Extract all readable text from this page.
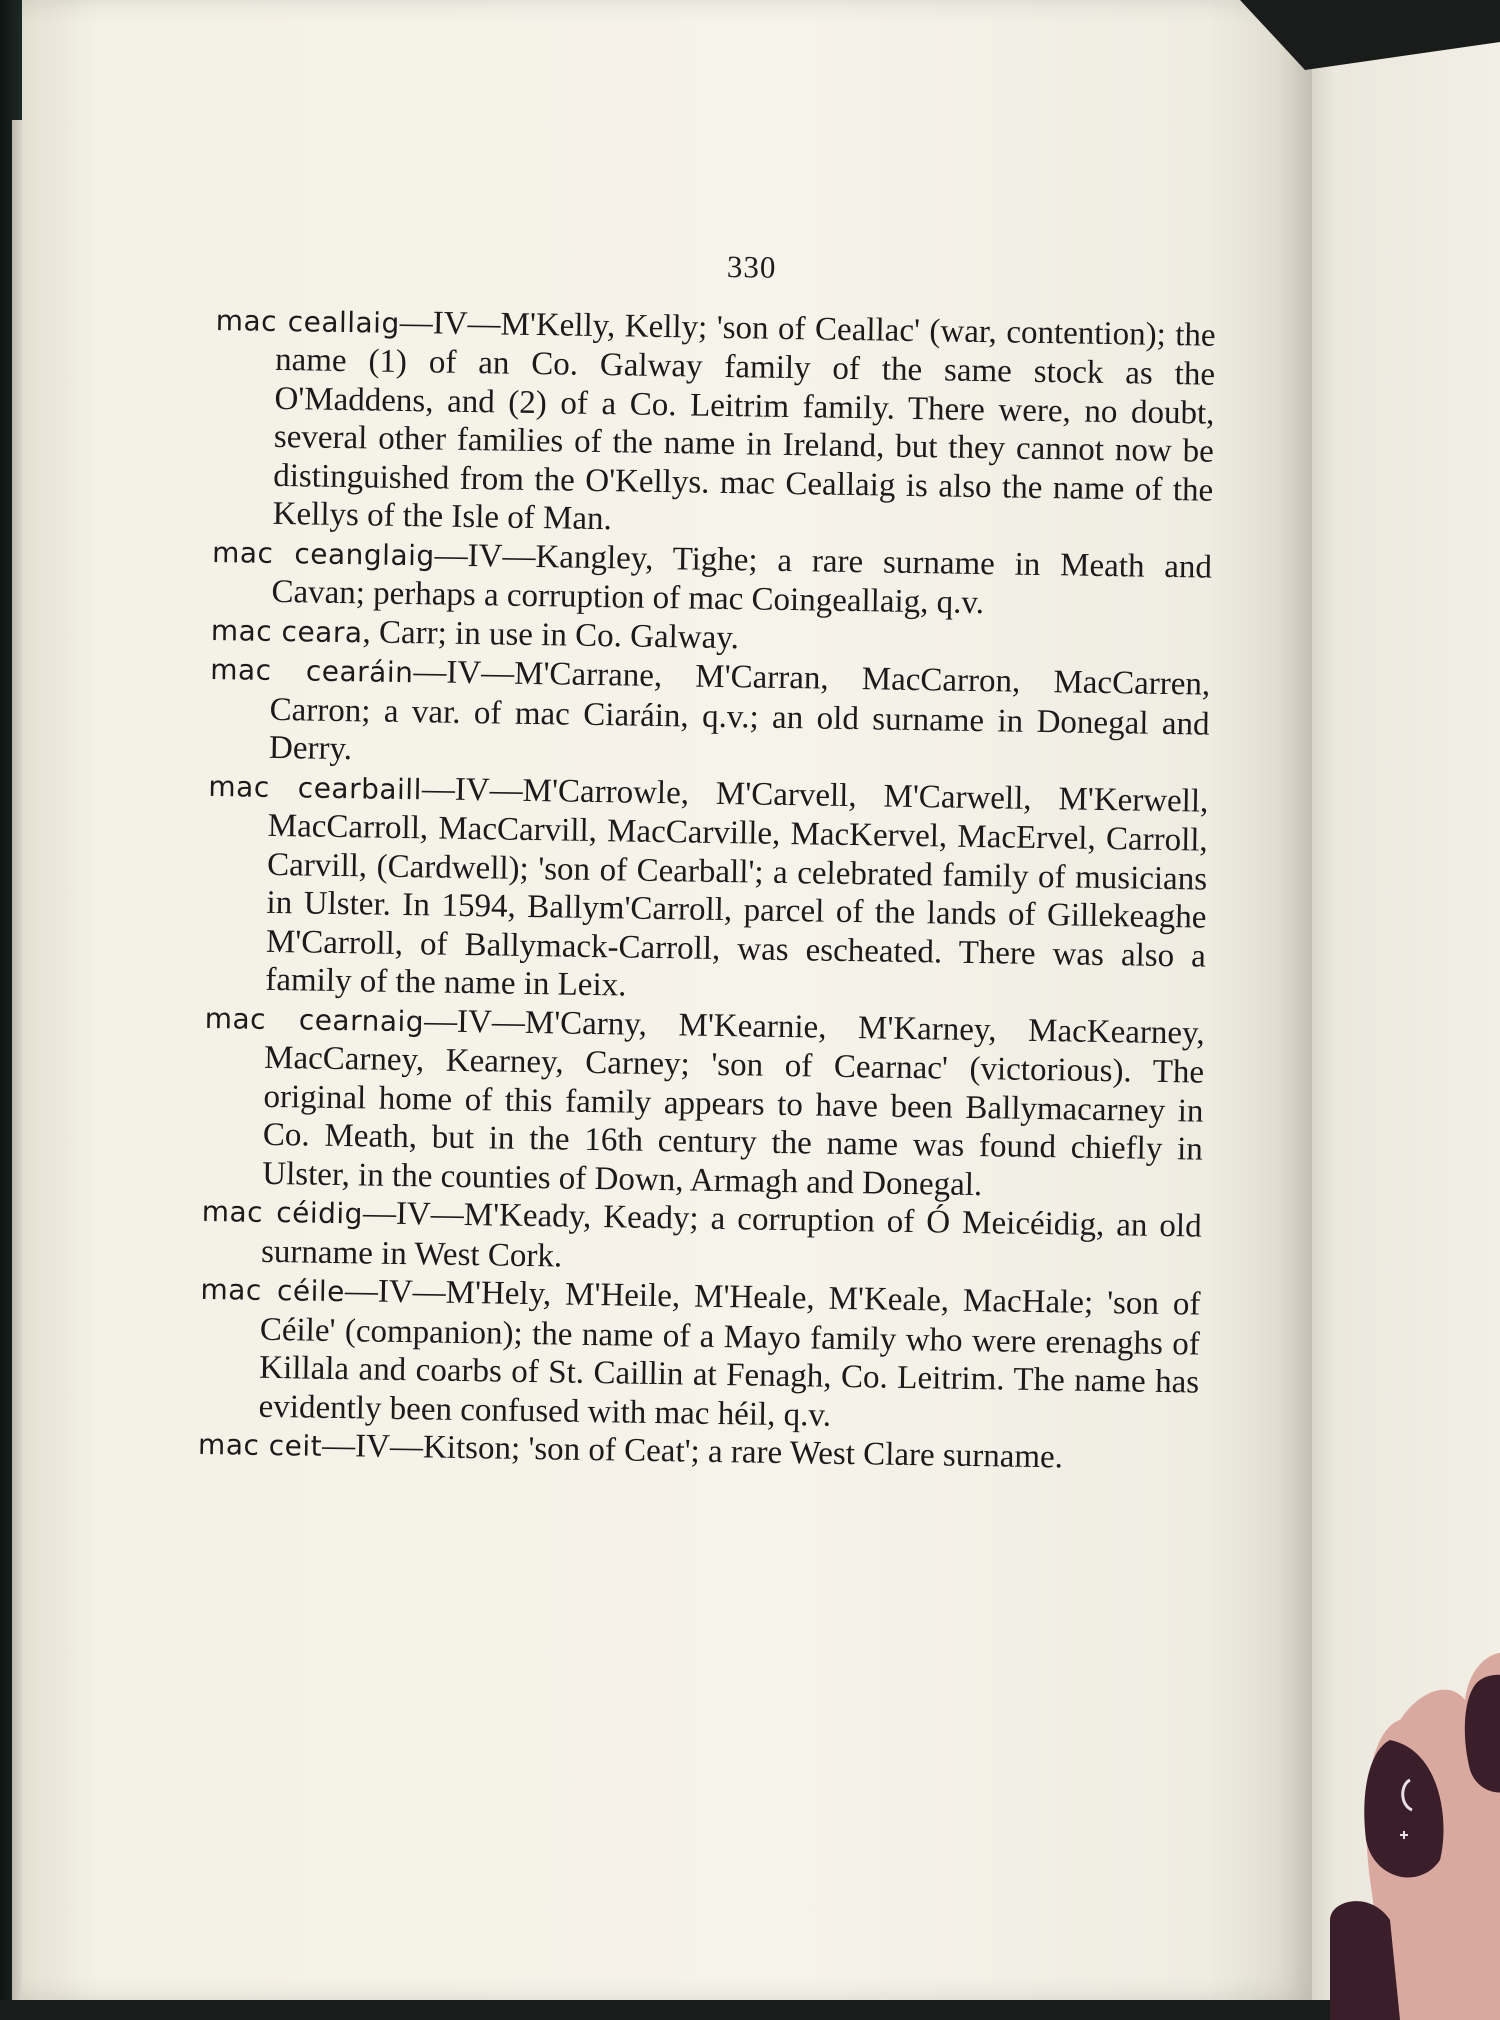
330

mac ceallaig—IV—M'Kelly, Kelly; 'son of Ceallac' (war, contention); the name (1) of an Co. Galway family of the same stock as the O'Maddens, and (2) of a Co. Leitrim family. There were, no doubt, several other families of the name in Ireland, but they cannot now be distinguished from the O'Kellys. mac Ceallaig is also the name of the Kellys of the Isle of Man.

mac ceanglaig—IV—Kangley, Tighe; a rare surname in Meath and Cavan; perhaps a corruption of mac Coingeallaig, q.v.

mac ceara, Carr; in use in Co. Galway.

mac cearáin—IV—M'Carrane, M'Carran, MacCarron, MacCarren, Carron; a var. of mac Ciaráin, q.v.; an old surname in Donegal and Derry.

mac cearbaill—IV—M'Carrowle, M'Carvell, M'Carwell, M'Kerwell, MacCarroll, MacCarvill, MacCarville, MacKervel, MacErvel, Carroll, Carvill, (Cardwell); 'son of Cearball'; a celebrated family of musicians in Ulster. In 1594, Ballym'Carroll, parcel of the lands of Gillekeaghe M'Carroll, of Ballymack-Carroll, was escheated. There was also a family of the name in Leix.

mac cearnaig—IV—M'Carny, M'Kearnie, M'Karney, MacKearney, MacCarney, Kearney, Carney; 'son of Cearnac' (victorious). The original home of this family appears to have been Ballymacarney in Co. Meath, but in the 16th century the name was found chiefly in Ulster, in the counties of Down, Armagh and Donegal.

mac céidig—IV—M'Keady, Keady; a corruption of Ó Meicéidig, an old surname in West Cork.

mac céile—IV—M'Hely, M'Heile, M'Heale, M'Keale, MacHale; 'son of Céile' (companion); the name of a Mayo family who were erenaghs of Killala and coarbs of St. Caillin at Fenagh, Co. Leitrim. The name has evidently been confused with mac héil, q.v.

mac ceit—IV—Kitson; 'son of Ceat'; a rare West Clare surname.
